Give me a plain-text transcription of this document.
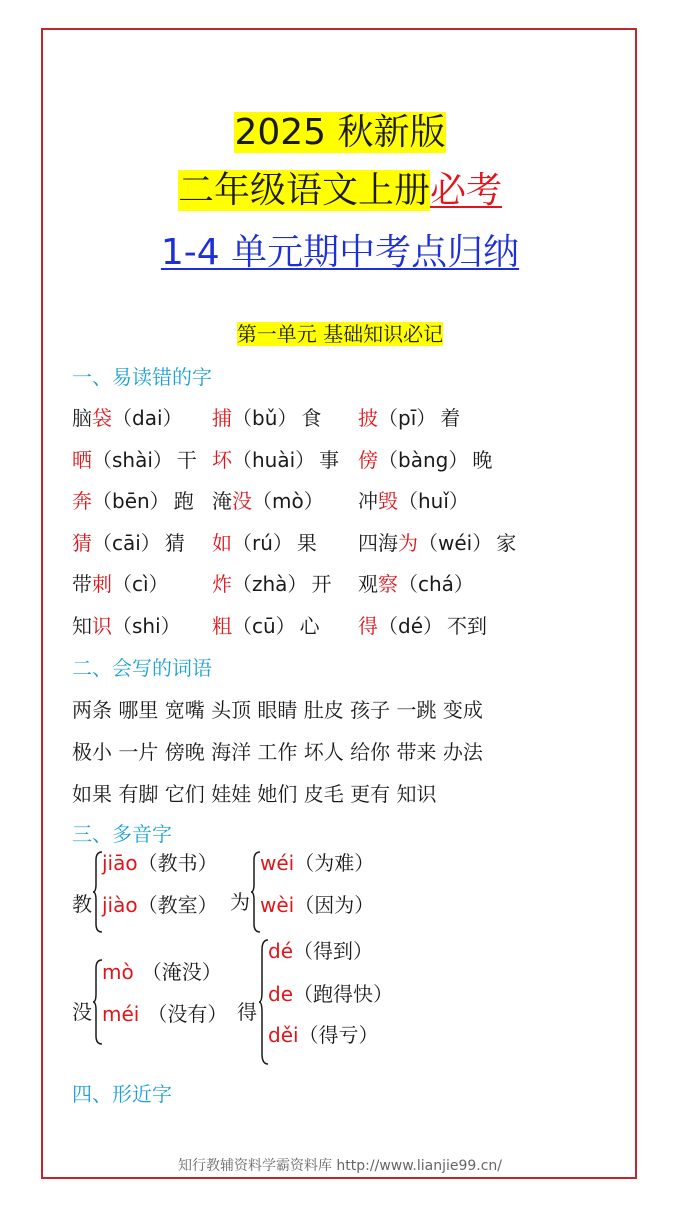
2025 秋新版
二年级语文上册必考
1-4 单元期中考点归纳
第一单元 基础知识必记
一、易读错的字
脑袋（dai） 捕（bǔ） 食 披（pī） 着
晒（shài） 干 坏（huài） 事 傍（bàng） 晚
奔（bēn） 跑 淹没（mò） 冲毁（huǐ）
猜（cāi） 猜 如（rú） 果 四海为（wéi） 家
带刺（cì） 炸（zhà） 开 观察（chá）
知识（shi） 粗（cū） 心 得（dé） 不到
二、会写的词语
两条 哪里 宽嘴 头顶 眼睛 肚皮 孩子 一跳 变成
极小 一片 傍晚 海洋 工作 坏人 给你 带来 办法
如果 有脚 它们 娃娃 她们 皮毛 更有 知识
三、多音字
教
jiāo（教书）
jiào（教室） 为
wéi（为难）
wèi（因为）
没
mò （淹没）
méi （没有） 得
dé（得到）
de（跑得快）
děi（得亏）
四、形近字
知行教辅资料学霸资料库 http://www.lianjie99.cn/
